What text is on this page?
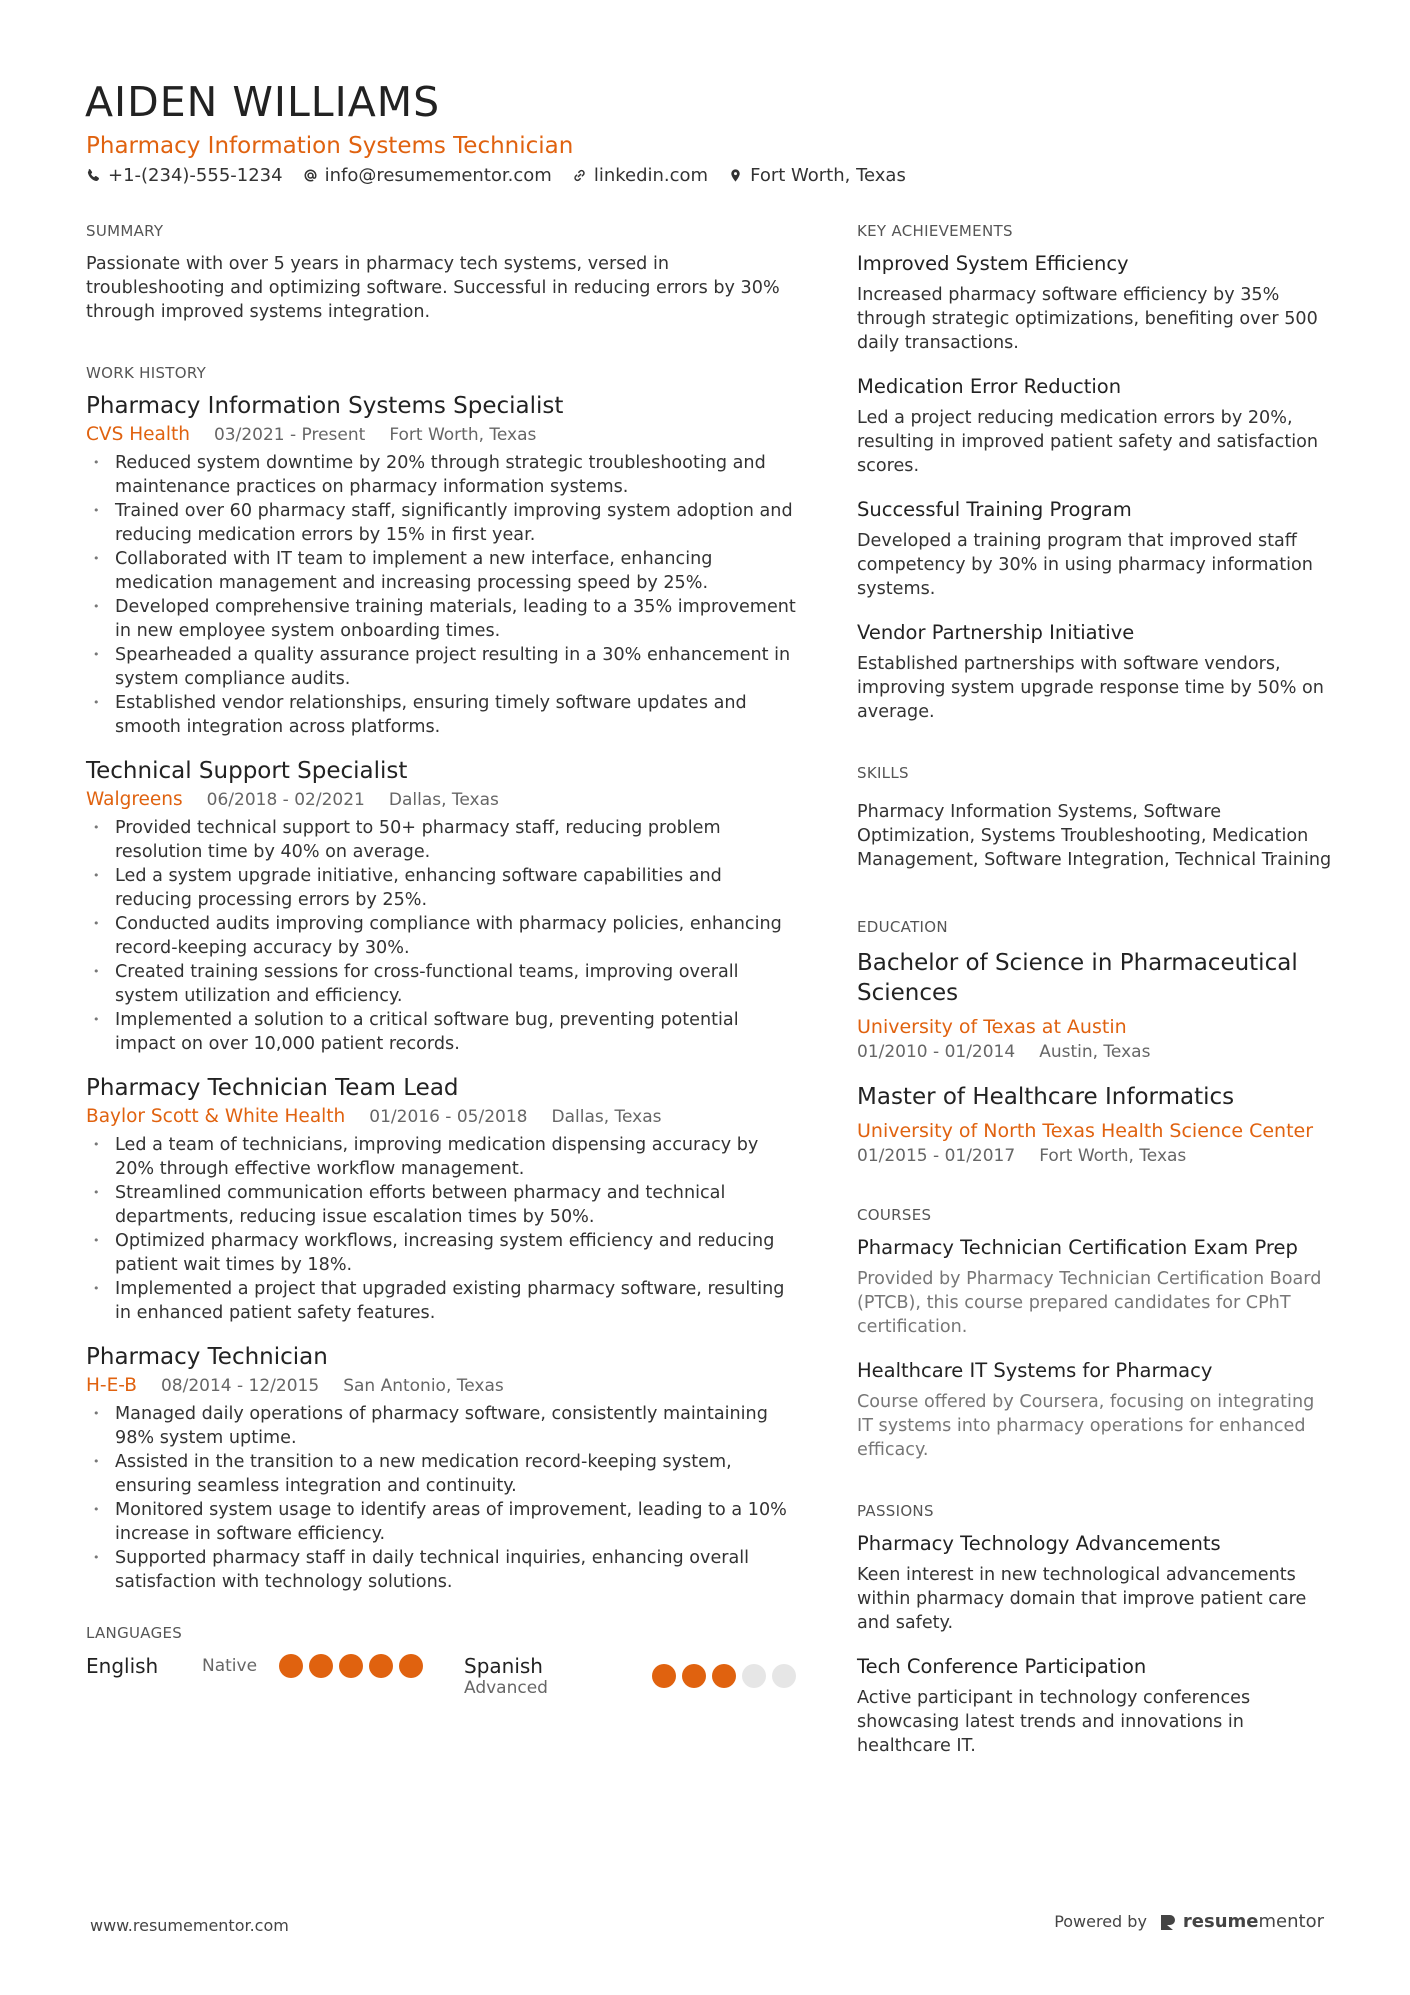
AIDEN WILLIAMS
Pharmacy Information Systems Technician
+1-(234)-555-1234 info@resumementor.com linkedin.com Fort Worth, Texas
SUMMARY

Passionate with over 5 years in pharmacy tech systems, versed in troubleshooting and optimizing software. Successful in reducing errors by 30% through improved systems integration.

WORK HISTORY
Pharmacy Information Systems Specialist
CVS Health 03/2021 - Present Fort Worth, Texas
• Reduced system downtime by 20% through strategic troubleshooting and maintenance practices on pharmacy information systems.
• Trained over 60 pharmacy staff, significantly improving system adoption and reducing medication errors by 15% in first year.
• Collaborated with IT team to implement a new interface, enhancing medication management and increasing processing speed by 25%.
• Developed comprehensive training materials, leading to a 35% improvement in new employee system onboarding times.
• Spearheaded a quality assurance project resulting in a 30% enhancement in system compliance audits.
• Established vendor relationships, ensuring timely software updates and smooth integration across platforms.
Technical Support Specialist
Walgreens 06/2018 - 02/2021 Dallas, Texas
• Provided technical support to 50+ pharmacy staff, reducing problem resolution time by 40% on average.
• Led a system upgrade initiative, enhancing software capabilities and reducing processing errors by 25%.
• Conducted audits improving compliance with pharmacy policies, enhancing record-keeping accuracy by 30%.
• Created training sessions for cross-functional teams, improving overall system utilization and efficiency.
• Implemented a solution to a critical software bug, preventing potential impact on over 10,000 patient records.
Pharmacy Technician Team Lead
Baylor Scott & White Health 01/2016 - 05/2018 Dallas, Texas
• Led a team of technicians, improving medication dispensing accuracy by 20% through effective workflow management.
• Streamlined communication efforts between pharmacy and technical departments, reducing issue escalation times by 50%.
• Optimized pharmacy workflows, increasing system efficiency and reducing patient wait times by 18%.
• Implemented a project that upgraded existing pharmacy software, resulting in enhanced patient safety features.
Pharmacy Technician
H-E-B 08/2014 - 12/2015 San Antonio, Texas
• Managed daily operations of pharmacy software, consistently maintaining 98% system uptime.
• Assisted in the transition to a new medication record-keeping system, ensuring seamless integration and continuity.
• Monitored system usage to identify areas of improvement, leading to a 10% increase in software efficiency.
• Supported pharmacy staff in daily technical inquiries, enhancing overall satisfaction with technology solutions.
LANGUAGES
English	Native	Spanish
Advanced
KEY ACHIEVEMENTS
Improved System Efficiency

Increased pharmacy software efficiency by 35% through strategic optimizations, benefiting over 500 daily transactions.

Medication Error Reduction

Led a project reducing medication errors by 20%, resulting in improved patient safety and satisfaction scores.

Successful Training Program

Developed a training program that improved staff competency by 30% in using pharmacy information systems.

Vendor Partnership Initiative

Established partnerships with software vendors, improving system upgrade response time by 50% on average.

SKILLS

Pharmacy Information Systems, Software Optimization, Systems Troubleshooting, Medication Management, Software Integration, Technical Training

EDUCATION
Bachelor of Science in Pharmaceutical Sciences
University of Texas at Austin
01/2010 - 01/2014 Austin, Texas
Master of Healthcare Informatics
University of North Texas Health Science Center
01/2015 - 01/2017 Fort Worth, Texas
COURSES
Pharmacy Technician Certification Exam Prep

Provided by Pharmacy Technician Certification Board (PTCB), this course prepared candidates for CPhT certification.

Healthcare IT Systems for Pharmacy

Course offered by Coursera, focusing on integrating IT systems into pharmacy operations for enhanced efficacy.

PASSIONS
Pharmacy Technology Advancements

Keen interest in new technological advancements within pharmacy domain that improve patient care and safety.

Tech Conference Participation

Active participant in technology conferences showcasing latest trends and innovations in healthcare IT.

www.resumementor.com	Powered by resumementor
